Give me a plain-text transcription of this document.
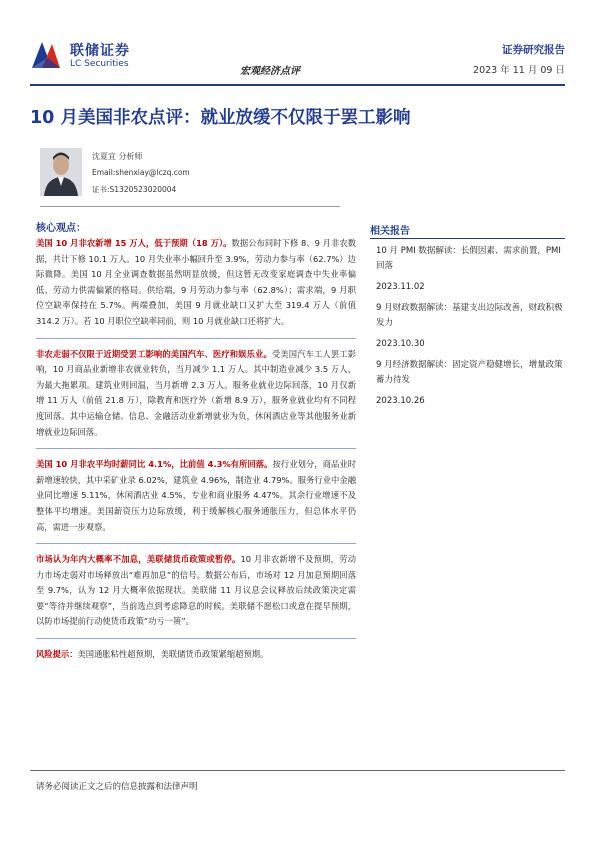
联储证券
LC Securities
宏观经济点评
证券研究报告
2023 年 11 月 09 日
10 月美国非农点评：就业放缓不仅限于罢工影响
沈夏宜 分析师
Email:shenxiay@lczq.com
证书:S1320523020004
核心观点：

美国 10 月非农新增 15 万人，低于预期（18 万）。数据公布同时下修 8、9 月非农数据，共计下修 10.1 万人。10 月失业率小幅回升至 3.9%，劳动力参与率（62.7%）边际微降。美国 10 月全业调查数据虽然明显放缓，但这暂无改变家庭调查中失业率偏低、劳动力供需偏紧的格局。供给端，9 月劳动力参与率（62.8%）；需求端，9 月职位空缺率保持在 5.7%。两端叠加，美国 9 月就业缺口又扩大至 319.4 万人（前值 314.2 万）。若 10 月职位空缺率同前，则 10 月就业缺口还将扩大。

非农走弱不仅限于近期受罢工影响的美国汽车、医疗和娱乐业。受美国汽车工人罢工影响，10 月商品业新增非农就业转负，当月减少 1.1 万人。其中制造业减少 3.5 万人，为最大拖累项。建筑业则回温，当月新增 2.3 万人。服务业就业边际回落，10 月仅新增 11 万人（前值 21.8 万），除教育和医疗外（新增 8.9 万），服务业就业均有不同程度回落。其中运输仓储、信息、金融活动业新增就业为负，休闲酒店业等其他服务业新增就业边际回落。

美国 10 月非农平均时薪同比 4.1%，比前值 4.3%有所回落。按行业划分，商品业时薪增速较快，其中采矿业录 6.02%，建筑业 4.96%，制造业 4.79%。服务行业中金融业同比增速 5.11%，休闲酒店业 4.5%，专业和商业服务 4.47%。其余行业增速不及整体平均增速。美国薪资压力边际放缓，利于缓解核心服务通胀压力，但总体水平仍高，需进一步观察。

市场认为年内大概率不加息，美联储货币政策或暂停。10 月非农新增不及预期，劳动力市场走弱对市场释放出“难再加息”的信号。数据公布后，市场对 12 月加息预期回落至 9.7%，认为 12 月大概率依据现状。美联储 11 月议息会议释放后续政策决定需要“等待并继续观察”，当前选点到考虑降息的时候。美联储不愿松口或意在提早预期，以防市场提前行动使货币政策“功亏一篑”。

风险提示：美国通胀粘性超预期，美联储货币政策紧缩超预期。

相关报告
10 月 PMI 数据解读：长假因素、需求前置，PMI 回落
2023.11.02
9 月财政数据解读：基建支出边际改善，财政积极发力
2023.10.30
9 月经济数据解读：固定资产稳健增长，增量政策蓄力待发
2023.10.26
请务必阅读正文之后的信息披露和法律声明
